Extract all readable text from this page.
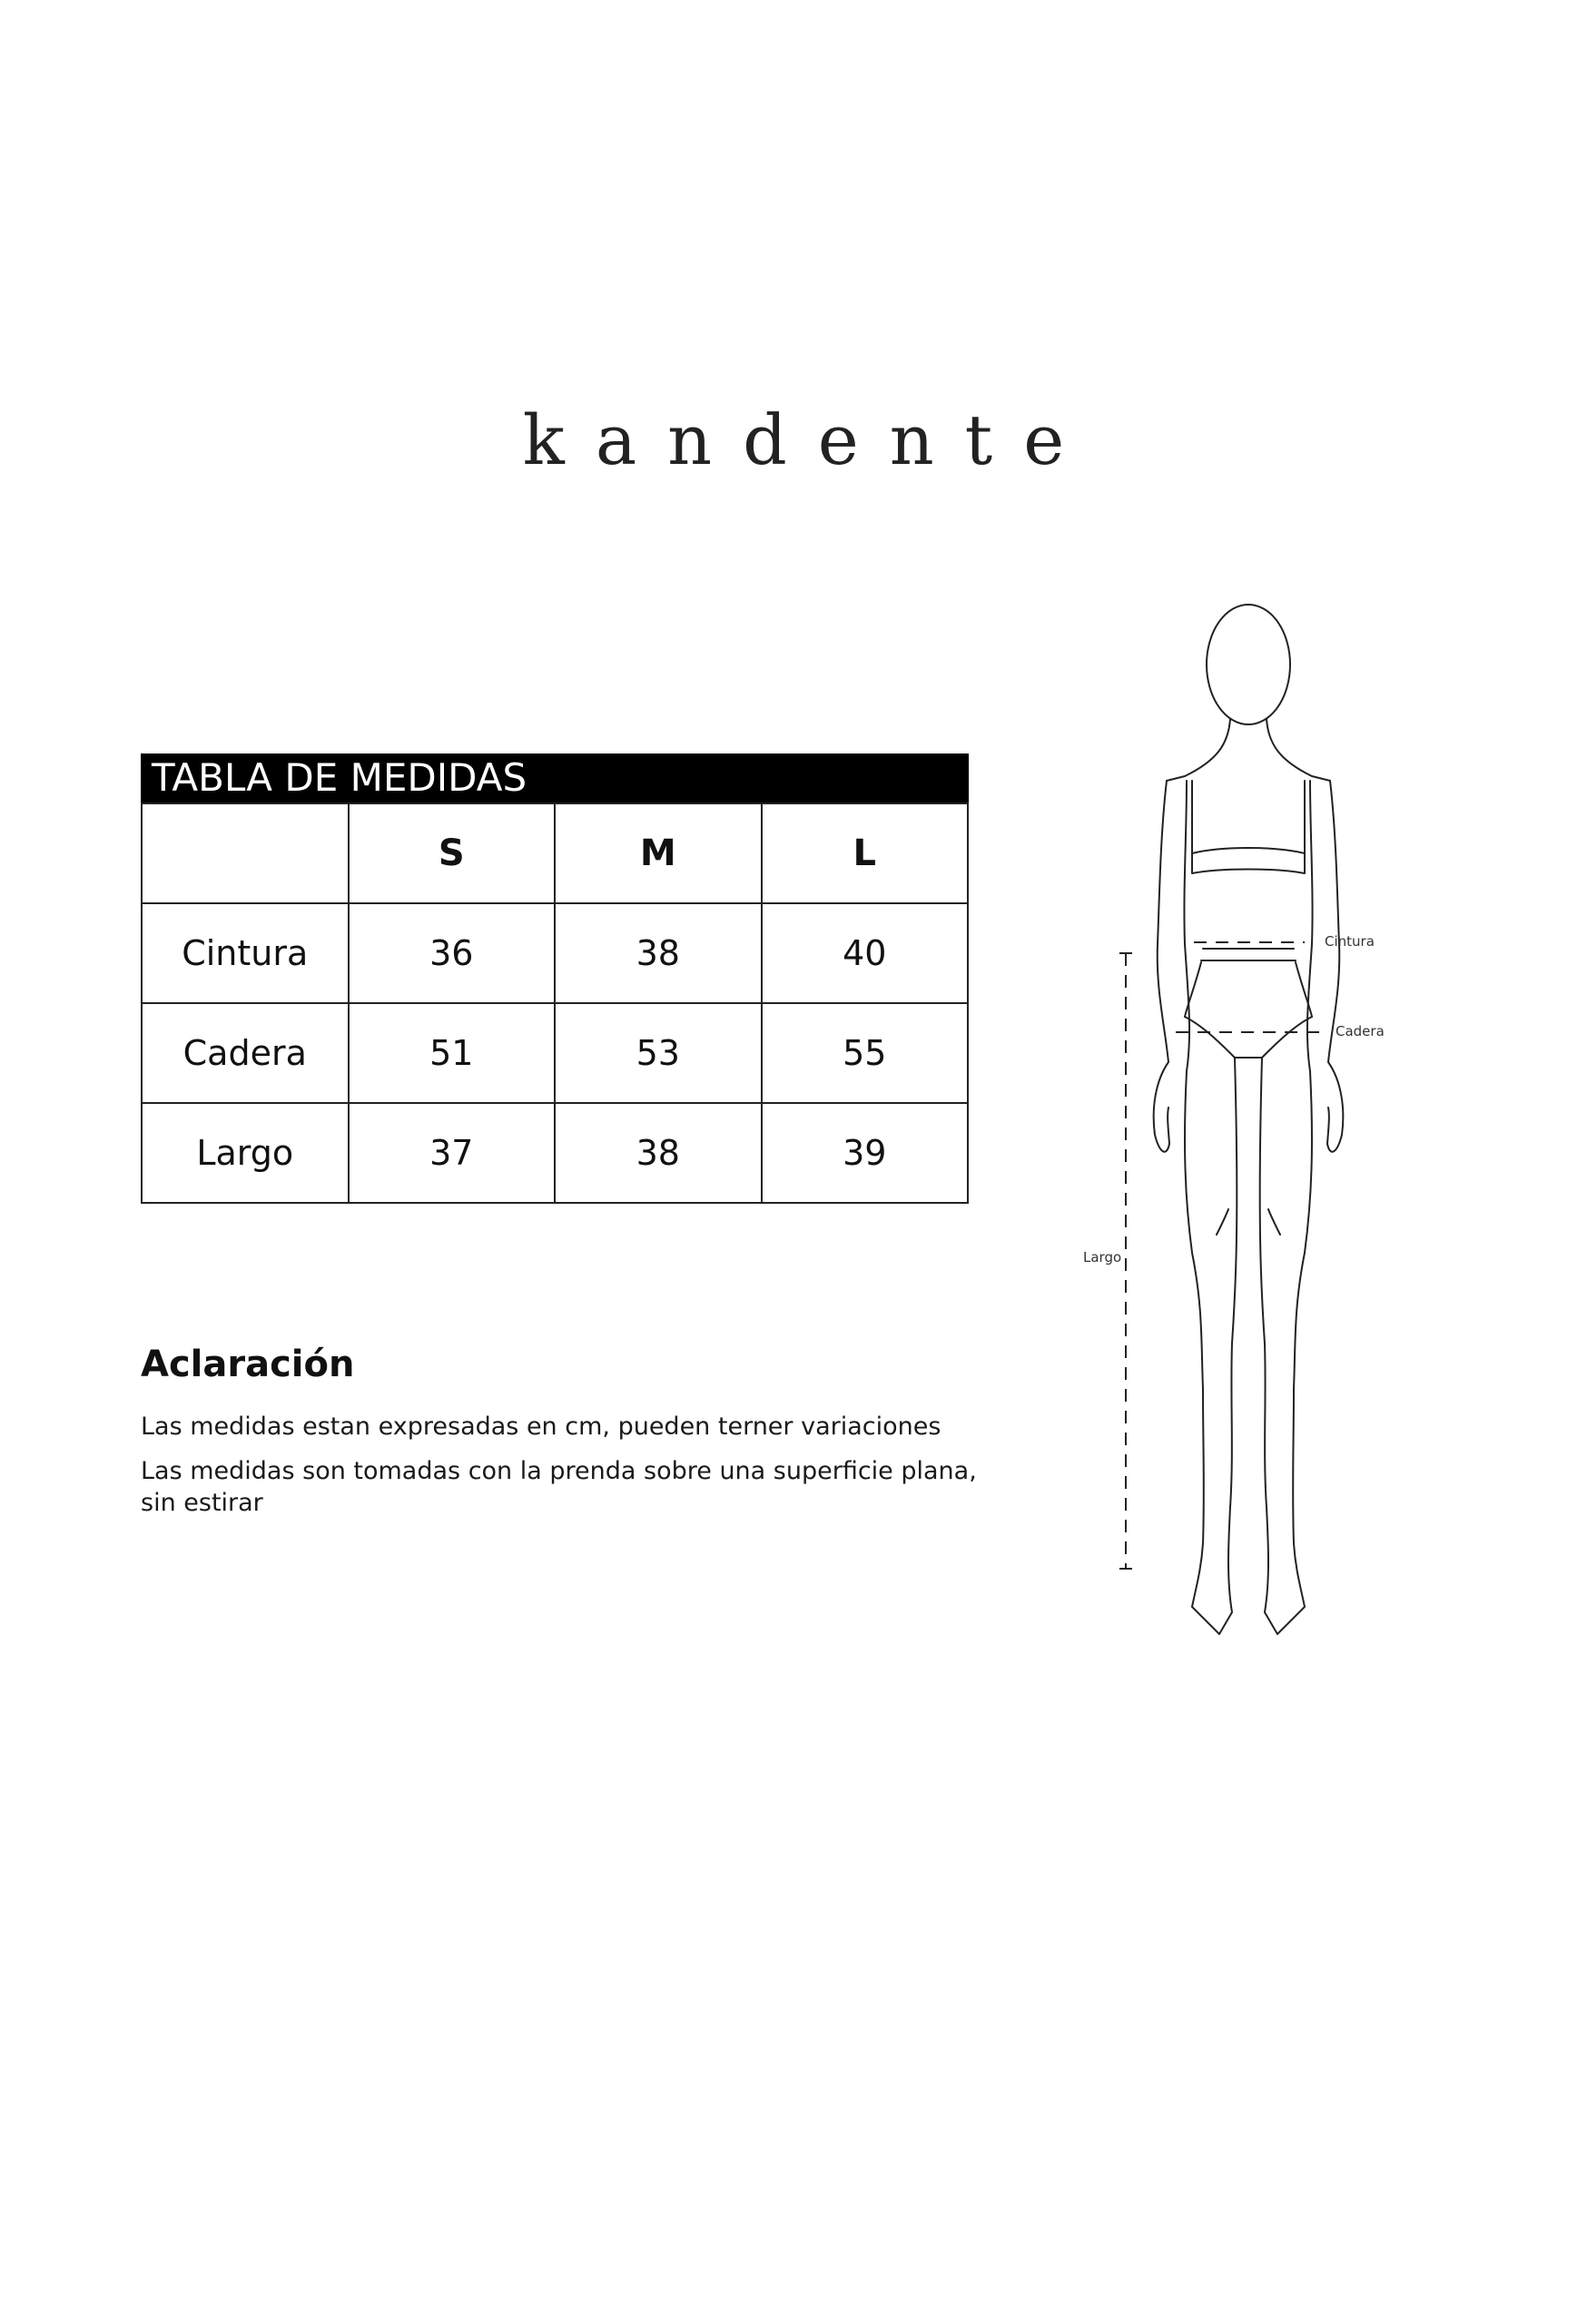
kandente
TABLA DE MEDIDAS
	S	M	L
Cintura	36	38	40
Cadera	51	53	55
Largo	37	38	39
Aclaración

Las medidas estan expresadas en cm, pueden terner variaciones

Las medidas son tomadas con la prenda sobre una superficie plana, sin estirar

Cintura
Cadera
Largo
